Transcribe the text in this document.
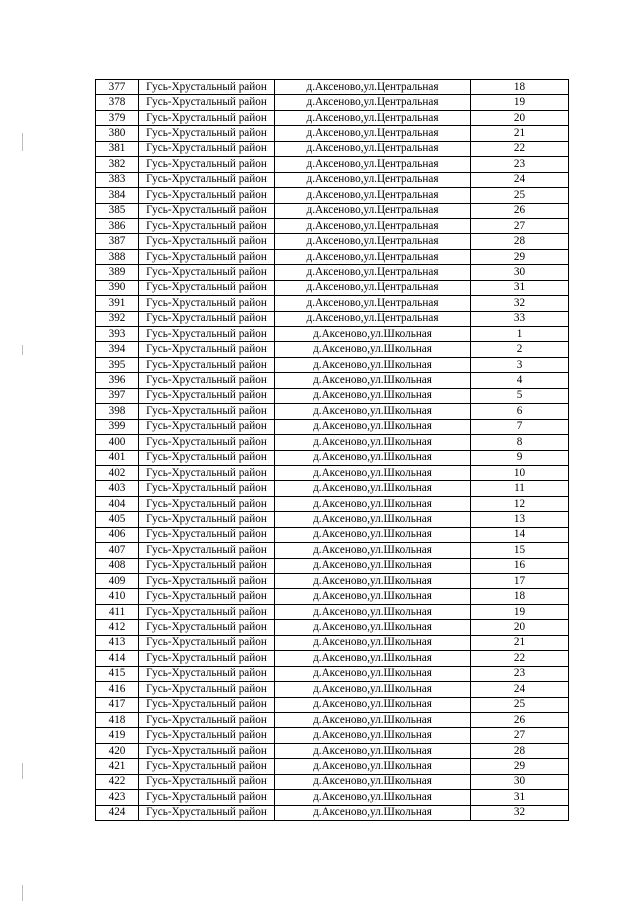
377	Гусь-Хрустальный район	д.Аксеново,ул.Центральная	18
378	Гусь-Хрустальный район	д.Аксеново,ул.Центральная	19
379	Гусь-Хрустальный район	д.Аксеново,ул.Центральная	20
380	Гусь-Хрустальный район	д.Аксеново,ул.Центральная	21
381	Гусь-Хрустальный район	д.Аксеново,ул.Центральная	22
382	Гусь-Хрустальный район	д.Аксеново,ул.Центральная	23
383	Гусь-Хрустальный район	д.Аксеново,ул.Центральная	24
384	Гусь-Хрустальный район	д.Аксеново,ул.Центральная	25
385	Гусь-Хрустальный район	д.Аксеново,ул.Центральная	26
386	Гусь-Хрустальный район	д.Аксеново,ул.Центральная	27
387	Гусь-Хрустальный район	д.Аксеново,ул.Центральная	28
388	Гусь-Хрустальный район	д.Аксеново,ул.Центральная	29
389	Гусь-Хрустальный район	д.Аксеново,ул.Центральная	30
390	Гусь-Хрустальный район	д.Аксеново,ул.Центральная	31
391	Гусь-Хрустальный район	д.Аксеново,ул.Центральная	32
392	Гусь-Хрустальный район	д.Аксеново,ул.Центральная	33
393	Гусь-Хрустальный район	д.Аксеново,ул.Школьная	1
394	Гусь-Хрустальный район	д.Аксеново,ул.Школьная	2
395	Гусь-Хрустальный район	д.Аксеново,ул.Школьная	3
396	Гусь-Хрустальный район	д.Аксеново,ул.Школьная	4
397	Гусь-Хрустальный район	д.Аксеново,ул.Школьная	5
398	Гусь-Хрустальный район	д.Аксеново,ул.Школьная	6
399	Гусь-Хрустальный район	д.Аксеново,ул.Школьная	7
400	Гусь-Хрустальный район	д.Аксеново,ул.Школьная	8
401	Гусь-Хрустальный район	д.Аксеново,ул.Школьная	9
402	Гусь-Хрустальный район	д.Аксеново,ул.Школьная	10
403	Гусь-Хрустальный район	д.Аксеново,ул.Школьная	11
404	Гусь-Хрустальный район	д.Аксеново,ул.Школьная	12
405	Гусь-Хрустальный район	д.Аксеново,ул.Школьная	13
406	Гусь-Хрустальный район	д.Аксеново,ул.Школьная	14
407	Гусь-Хрустальный район	д.Аксеново,ул.Школьная	15
408	Гусь-Хрустальный район	д.Аксеново,ул.Школьная	16
409	Гусь-Хрустальный район	д.Аксеново,ул.Школьная	17
410	Гусь-Хрустальный район	д.Аксеново,ул.Школьная	18
411	Гусь-Хрустальный район	д.Аксеново,ул.Школьная	19
412	Гусь-Хрустальный район	д.Аксеново,ул.Школьная	20
413	Гусь-Хрустальный район	д.Аксеново,ул.Школьная	21
414	Гусь-Хрустальный район	д.Аксеново,ул.Школьная	22
415	Гусь-Хрустальный район	д.Аксеново,ул.Школьная	23
416	Гусь-Хрустальный район	д.Аксеново,ул.Школьная	24
417	Гусь-Хрустальный район	д.Аксеново,ул.Школьная	25
418	Гусь-Хрустальный район	д.Аксеново,ул.Школьная	26
419	Гусь-Хрустальный район	д.Аксеново,ул.Школьная	27
420	Гусь-Хрустальный район	д.Аксеново,ул.Школьная	28
421	Гусь-Хрустальный район	д.Аксеново,ул.Школьная	29
422	Гусь-Хрустальный район	д.Аксеново,ул.Школьная	30
423	Гусь-Хрустальный район	д.Аксеново,ул.Школьная	31
424	Гусь-Хрустальный район	д.Аксеново,ул.Школьная	32
